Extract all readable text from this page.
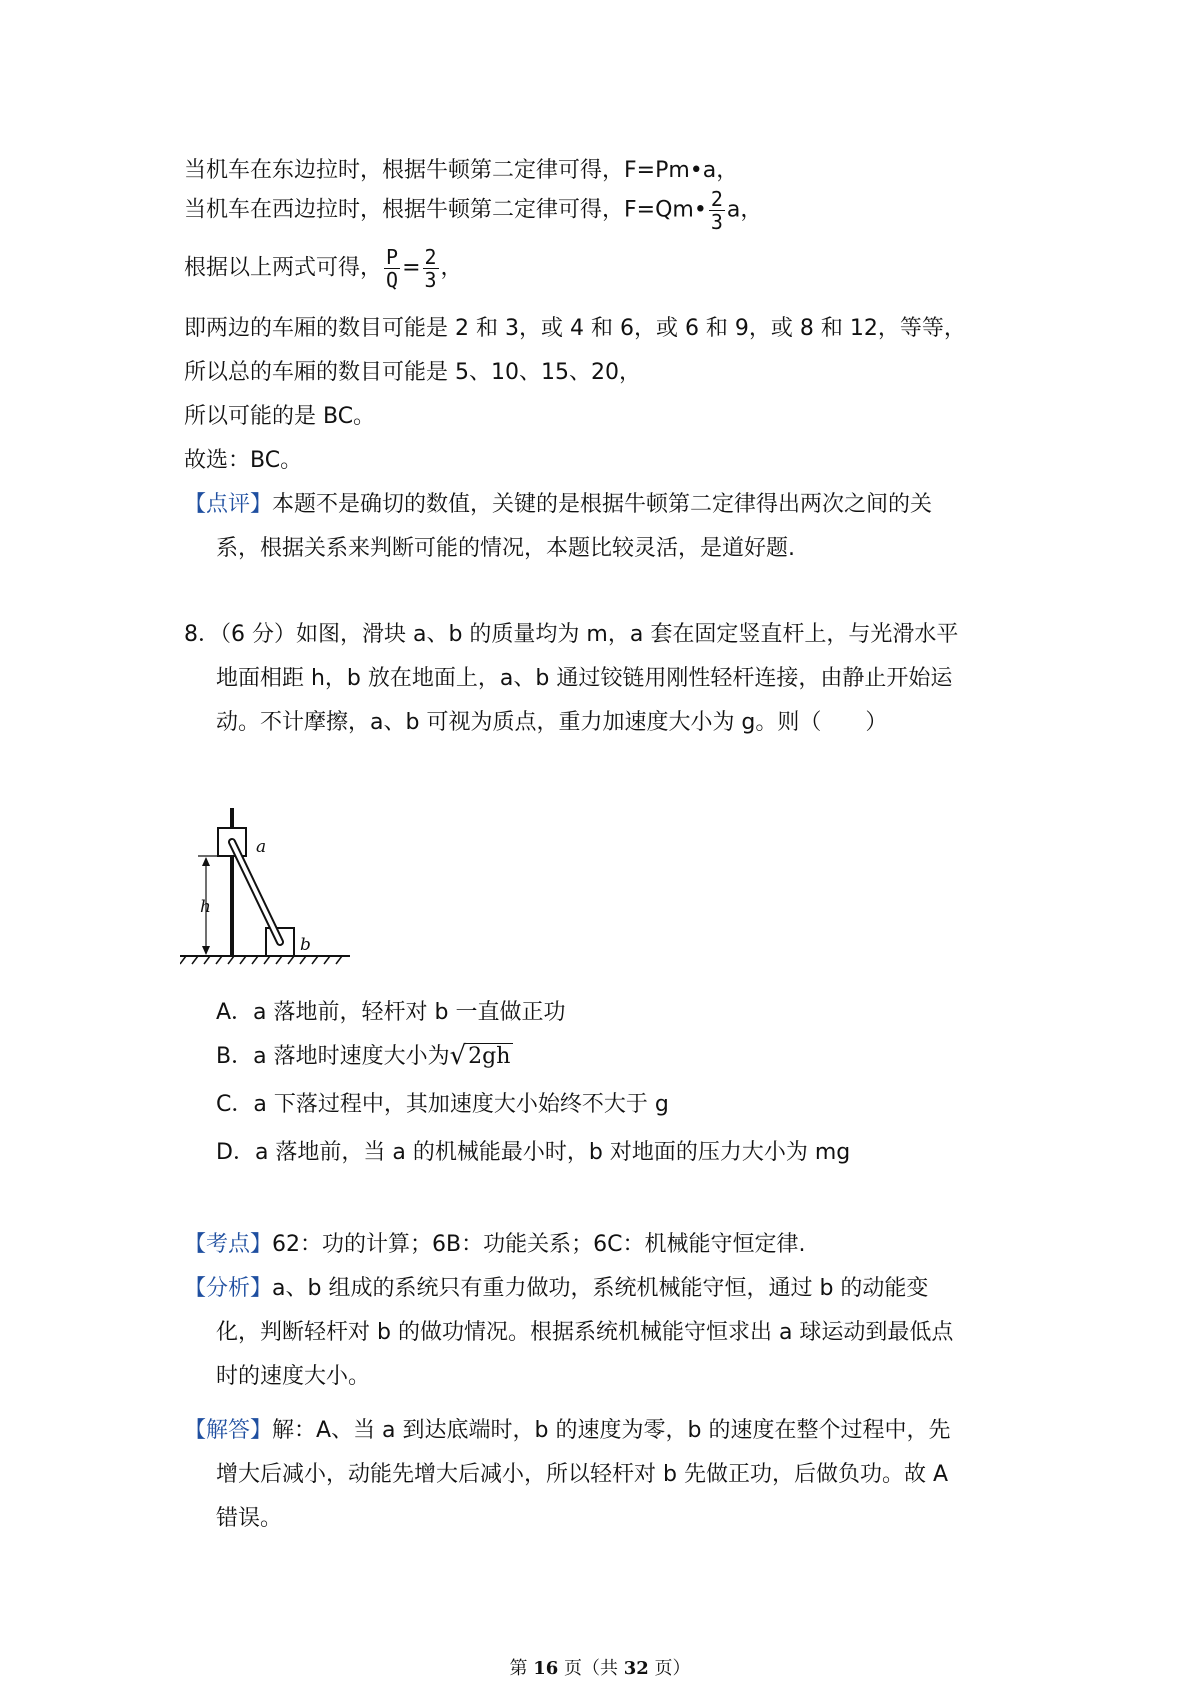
当机车在东边拉时，根据牛顿第二定律可得，F=Pm•a，
当机车在西边拉时，根据牛顿第二定律可得，F=Qm• $\frac{2}{3}$ a，
根据以上两式可得， $\frac{P}{Q} = \frac{2}{3}$ ，
即两边的车厢的数目可能是 2 和 3，或 4 和 6，或 6 和 9，或 8 和 12，等等，
所以总的车厢的数目可能是 5、10、15、20，
所以可能的是 BC。
故选：BC。
【点评】本题不是确切的数值，关键的是根据牛顿第二定律得出两次之间的关
系，根据关系来判断可能的情况，本题比较灵活，是道好题.
8．（6 分）如图，滑块 a、b 的质量均为 m，a 套在固定竖直杆上，与光滑水平
地面相距 h，b 放在地面上，a、b 通过铰链用刚性轻杆连接，由静止开始运
动。不计摩擦，a、b 可视为质点，重力加速度大小为 g。则（　　）
a
b
h
A．a 落地前，轻杆对 b 一直做正功
B．a 落地时速度大小为√2gh
C．a 下落过程中，其加速度大小始终不大于 g
D．a 落地前，当 a 的机械能最小时，b 对地面的压力大小为 mg
【考点】62：功的计算；6B：功能关系；6C：机械能守恒定律.
【分析】a、b 组成的系统只有重力做功，系统机械能守恒，通过 b 的动能变
化，判断轻杆对 b 的做功情况。根据系统机械能守恒求出 a 球运动到最低点
时的速度大小。
【解答】解：A、当 a 到达底端时，b 的速度为零，b 的速度在整个过程中，先
增大后减小，动能先增大后减小，所以轻杆对 b 先做正功，后做负功。故 A
错误。
第 16 页（共 32 页）
